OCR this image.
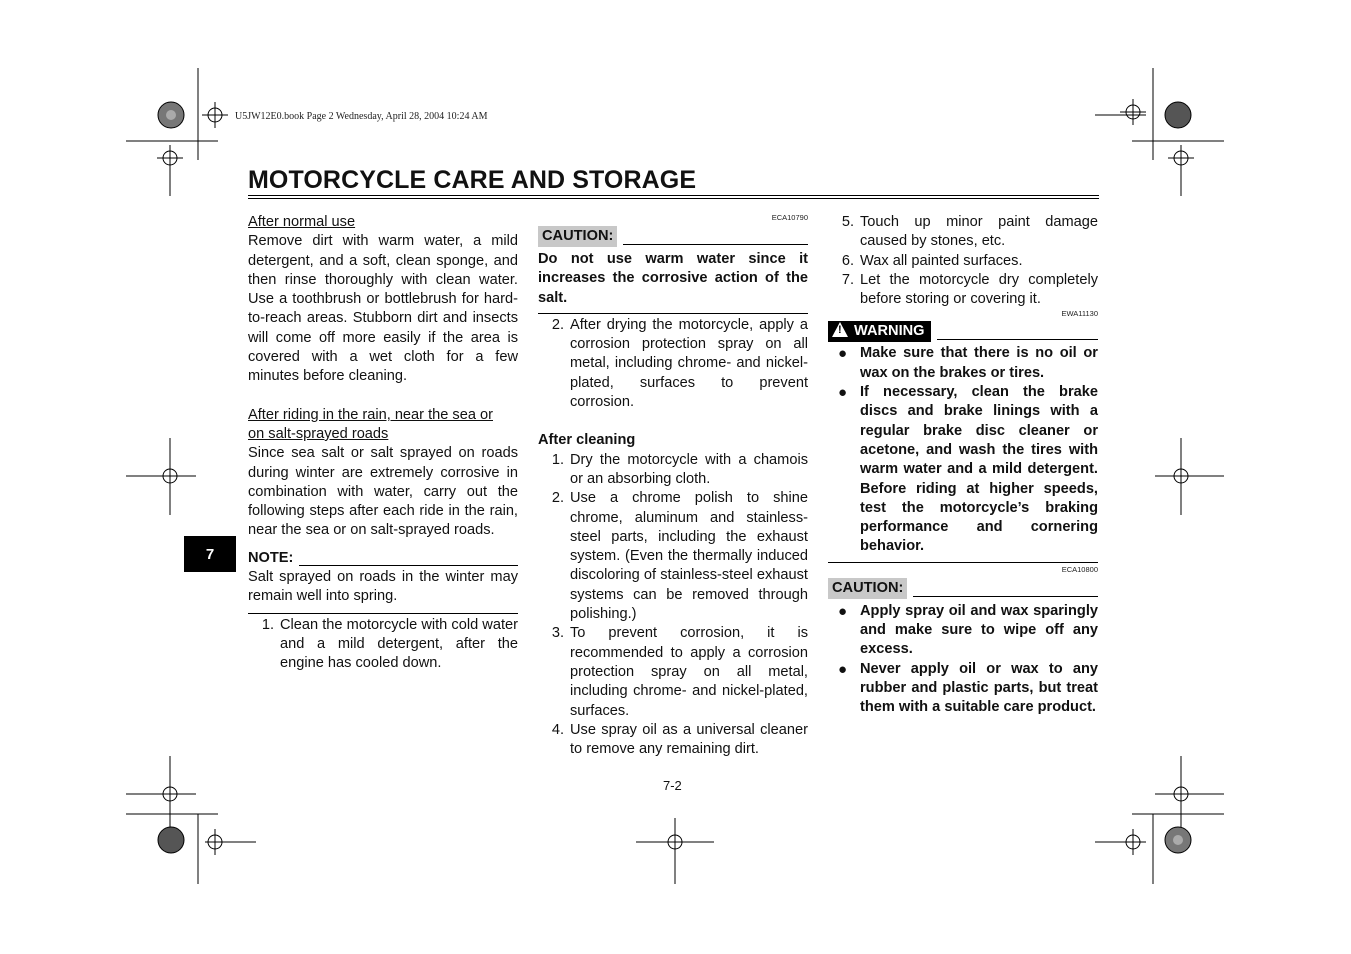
U5JW12E0.book Page 2 Wednesday, April 28, 2004 10:24 AM
MOTORCYCLE CARE AND STORAGE
7
After normal use

Remove dirt with warm water, a mild detergent, and a soft, clean sponge, and then rinse thoroughly with clean water. Use a toothbrush or bottlebrush for hard-to-reach areas. Stubborn dirt and insects will come off more easily if the area is covered with a wet cloth for a few minutes before cleaning.

After riding in the rain, near the sea or
on salt-sprayed roads

Since sea salt or salt sprayed on roads during winter are extremely corrosive in combination with water, carry out the following steps after each ride in the rain, near the sea or on salt-sprayed roads.

NOTE:

Salt sprayed on roads in the winter may remain well into spring.

1. Clean the motorcycle with cold water and a mild detergent, after the engine has cooled down.
ECA10790
CAUTION:

Do not use warm water since it increases the corrosive action of the salt.

2. After drying the motorcycle, apply a corrosion protection spray on all metal, including chrome- and nickel-plated, surfaces to prevent corrosion.
After cleaning
1. Dry the motorcycle with a chamois or an absorbing cloth.
2. Use a chrome polish to shine chrome, aluminum and stainless-steel parts, including the exhaust system. (Even the thermally induced discoloring of stainless-steel exhaust systems can be removed through polishing.)
3. To prevent corrosion, it is recommended to apply a corrosion protection spray on all metal, including chrome- and nickel-plated, surfaces.
4. Use spray oil as a universal cleaner to remove any remaining dirt.
5. Touch up minor paint damage caused by stones, etc.
6. Wax all painted surfaces.
7. Let the motorcycle dry completely before storing or covering it.
EWA11130
!WARNING
● Make sure that there is no oil or wax on the brakes or tires.
● If necessary, clean the brake discs and brake linings with a regular brake disc cleaner or acetone, and wash the tires with warm water and a mild detergent. Before riding at higher speeds, test the motorcycle’s braking performance and cornering behavior.
ECA10800
CAUTION:
● Apply spray oil and wax sparingly and make sure to wipe off any excess.
● Never apply oil or wax to any rubber and plastic parts, but treat them with a suitable care product.
7-2
